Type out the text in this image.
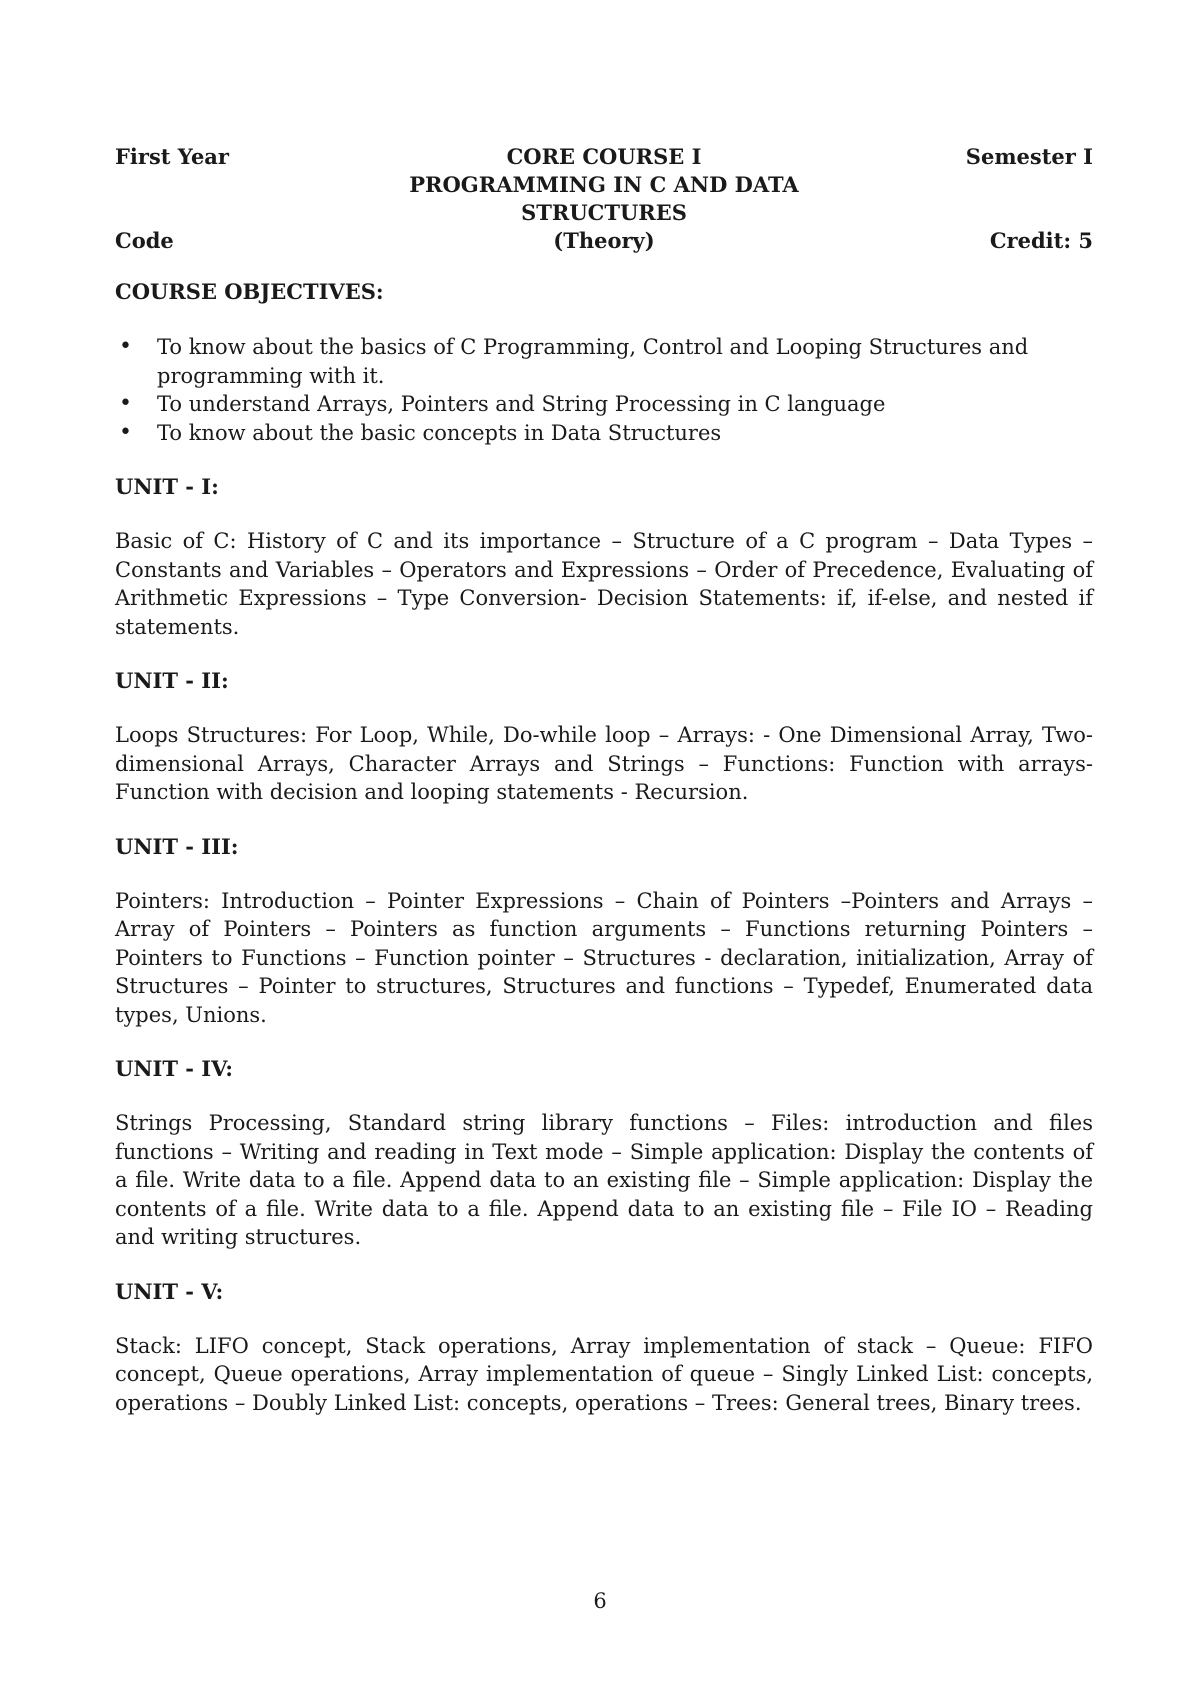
First Year	CORE COURSE I	Semester I
PROGRAMMING IN C AND DATA
STRUCTURES
Code	(Theory)	Credit: 5
COURSE OBJECTIVES:
• To know about the basics of C Programming, Control and Looping Structures and programming with it.
• To understand Arrays, Pointers and String Processing in C language
• To know about the basic concepts in Data Structures
UNIT - I:
Basic of C: History of C and its importance – Structure of a C program – Data Types – Constants and Variables – Operators and Expressions – Order of Precedence, Evaluating of Arithmetic Expressions – Type Conversion- Decision Statements: if, if-else, and nested if statements.
UNIT - II:
Loops Structures: For Loop, While, Do-while loop – Arrays: - One Dimensional Array, Two-dimensional Arrays, Character Arrays and Strings – Functions: Function with arrays- Function with decision and looping statements - Recursion.
UNIT - III:
Pointers: Introduction – Pointer Expressions – Chain of Pointers –Pointers and Arrays – Array of Pointers – Pointers as function arguments – Functions returning Pointers – Pointers to Functions – Function pointer – Structures - declaration, initialization, Array of Structures – Pointer to structures, Structures and functions – Typedef, Enumerated data types, Unions.
UNIT - IV:
Strings Processing, Standard string library functions – Files: introduction and files functions – Writing and reading in Text mode – Simple application: Display the contents of a file. Write data to a file. Append data to an existing file – Simple application: Display the contents of a file. Write data to a file. Append data to an existing file – File IO – Reading and writing structures.
UNIT - V:
Stack: LIFO concept, Stack operations, Array implementation of stack – Queue: FIFO concept, Queue operations, Array implementation of queue – Singly Linked List: concepts, operations – Doubly Linked List: concepts, operations – Trees: General trees, Binary trees.
6
